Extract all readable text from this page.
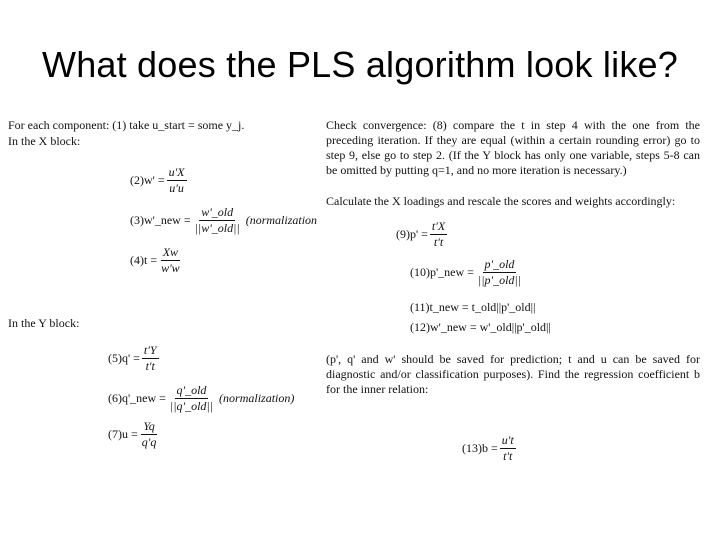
What does the PLS algorithm look like?
For each component: (1) take u_start = some y_j.
In the X block:
$(2)w' = \frac{u'X}{u'u}$
(3)w'_new = $\frac{\text{w'\_old}}{\text{||w'\_old||}}$ (normalization
$(4)t = \frac{Xw}{w'w}$
In the Y block:
$(5)q' = \frac{t'Y}{t't}$
(6)q'_new = $\frac{\text{q'\_old}}{\text{||q'\_old||}}$ (normalization)
$(7)u = \frac{Yq}{q'q}$
Check convergence: (8) compare the t in step 4 with the one from the preceding iteration. If they are equal (within a certain rounding error) go to step 9, else go to step 2. (If the Y block has only one variable, steps 5-8 can be omitted by putting q=1, and no more iteration is necessary.)
Calculate the X loadings and rescale the scores and weights accordingly:
$(9)p' = \frac{t'X}{t't}$
(10)p'_new = $\frac{\text{p'\_old}}{\text{||p'\_old||}}$
(11)t_new = t_old||p'_old||
(12)w'_new = w'_old||p'_old||
(p', q' and w' should be saved for prediction; t and u can be saved for diagnostic and/or classification purposes). Find the regression coefficient b for the inner relation:
$(13)b = \frac{u't}{t't}$
